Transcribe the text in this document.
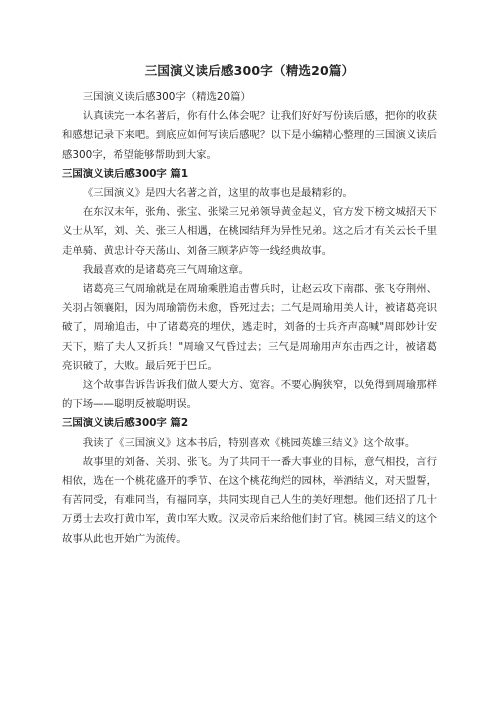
三国演义读后感300字（精选20篇）

三国演义读后感300字（精选20篇）

认真读完一本名著后，你有什么体会呢？让我们好好写份读后感，把你的收获和感想记录下来吧。到底应如何写读后感呢？以下是小编精心整理的三国演义读后感300字，希望能够帮助到大家。

三国演义读后感300字 篇1

《三国演义》是四大名著之首，这里的故事也是最精彩的。

在东汉末年，张角、张宝、张梁三兄弟领导黄金起义，官方发下榜文城招天下义士从军，刘、关、张三人相遇，在桃园结拜为异性兄弟。这之后才有关云长千里走单骑、黄忠计夺天荡山、刘备三顾茅庐等一线经典故事。

我最喜欢的是诸葛亮三气周瑜这章。

诸葛亮三气周瑜就是在周瑜乘胜追击曹兵时，让赵云攻下南郡、张飞夺荆州、关羽占领襄阳，因为周瑜箭伤未愈，昏死过去；二气是周瑜用美人计，被诸葛亮识破了，周瑜追击，中了诸葛亮的埋伏，逃走时，刘备的士兵齐声高喊"周郎妙计安天下，赔了夫人又折兵！"周瑜又气昏过去；三气是周瑜用声东击西之计，被诸葛亮识破了，大败。最后死于巴丘。

这个故事告诉告诉我们做人要大方、宽容。不要心胸狭窄，以免得到周瑜那样的下场——聪明反被聪明误。

三国演义读后感300字 篇2

我读了《三国演义》这本书后，特别喜欢《桃园英雄三结义》这个故事。

故事里的刘备、关羽、张飞。为了共同干一番大事业的目标，意气相投，言行相依，选在一个桃花盛开的季节、在这个桃花绚烂的园林，举酒结义，对天盟誓，有苦同受，有难同当，有福同享，共同实现自己人生的美好理想。他们还招了几十万勇士去攻打黄巾军，黄巾军大败。汉灵帝后来给他们封了官。桃园三结义的这个故事从此也开始广为流传。
